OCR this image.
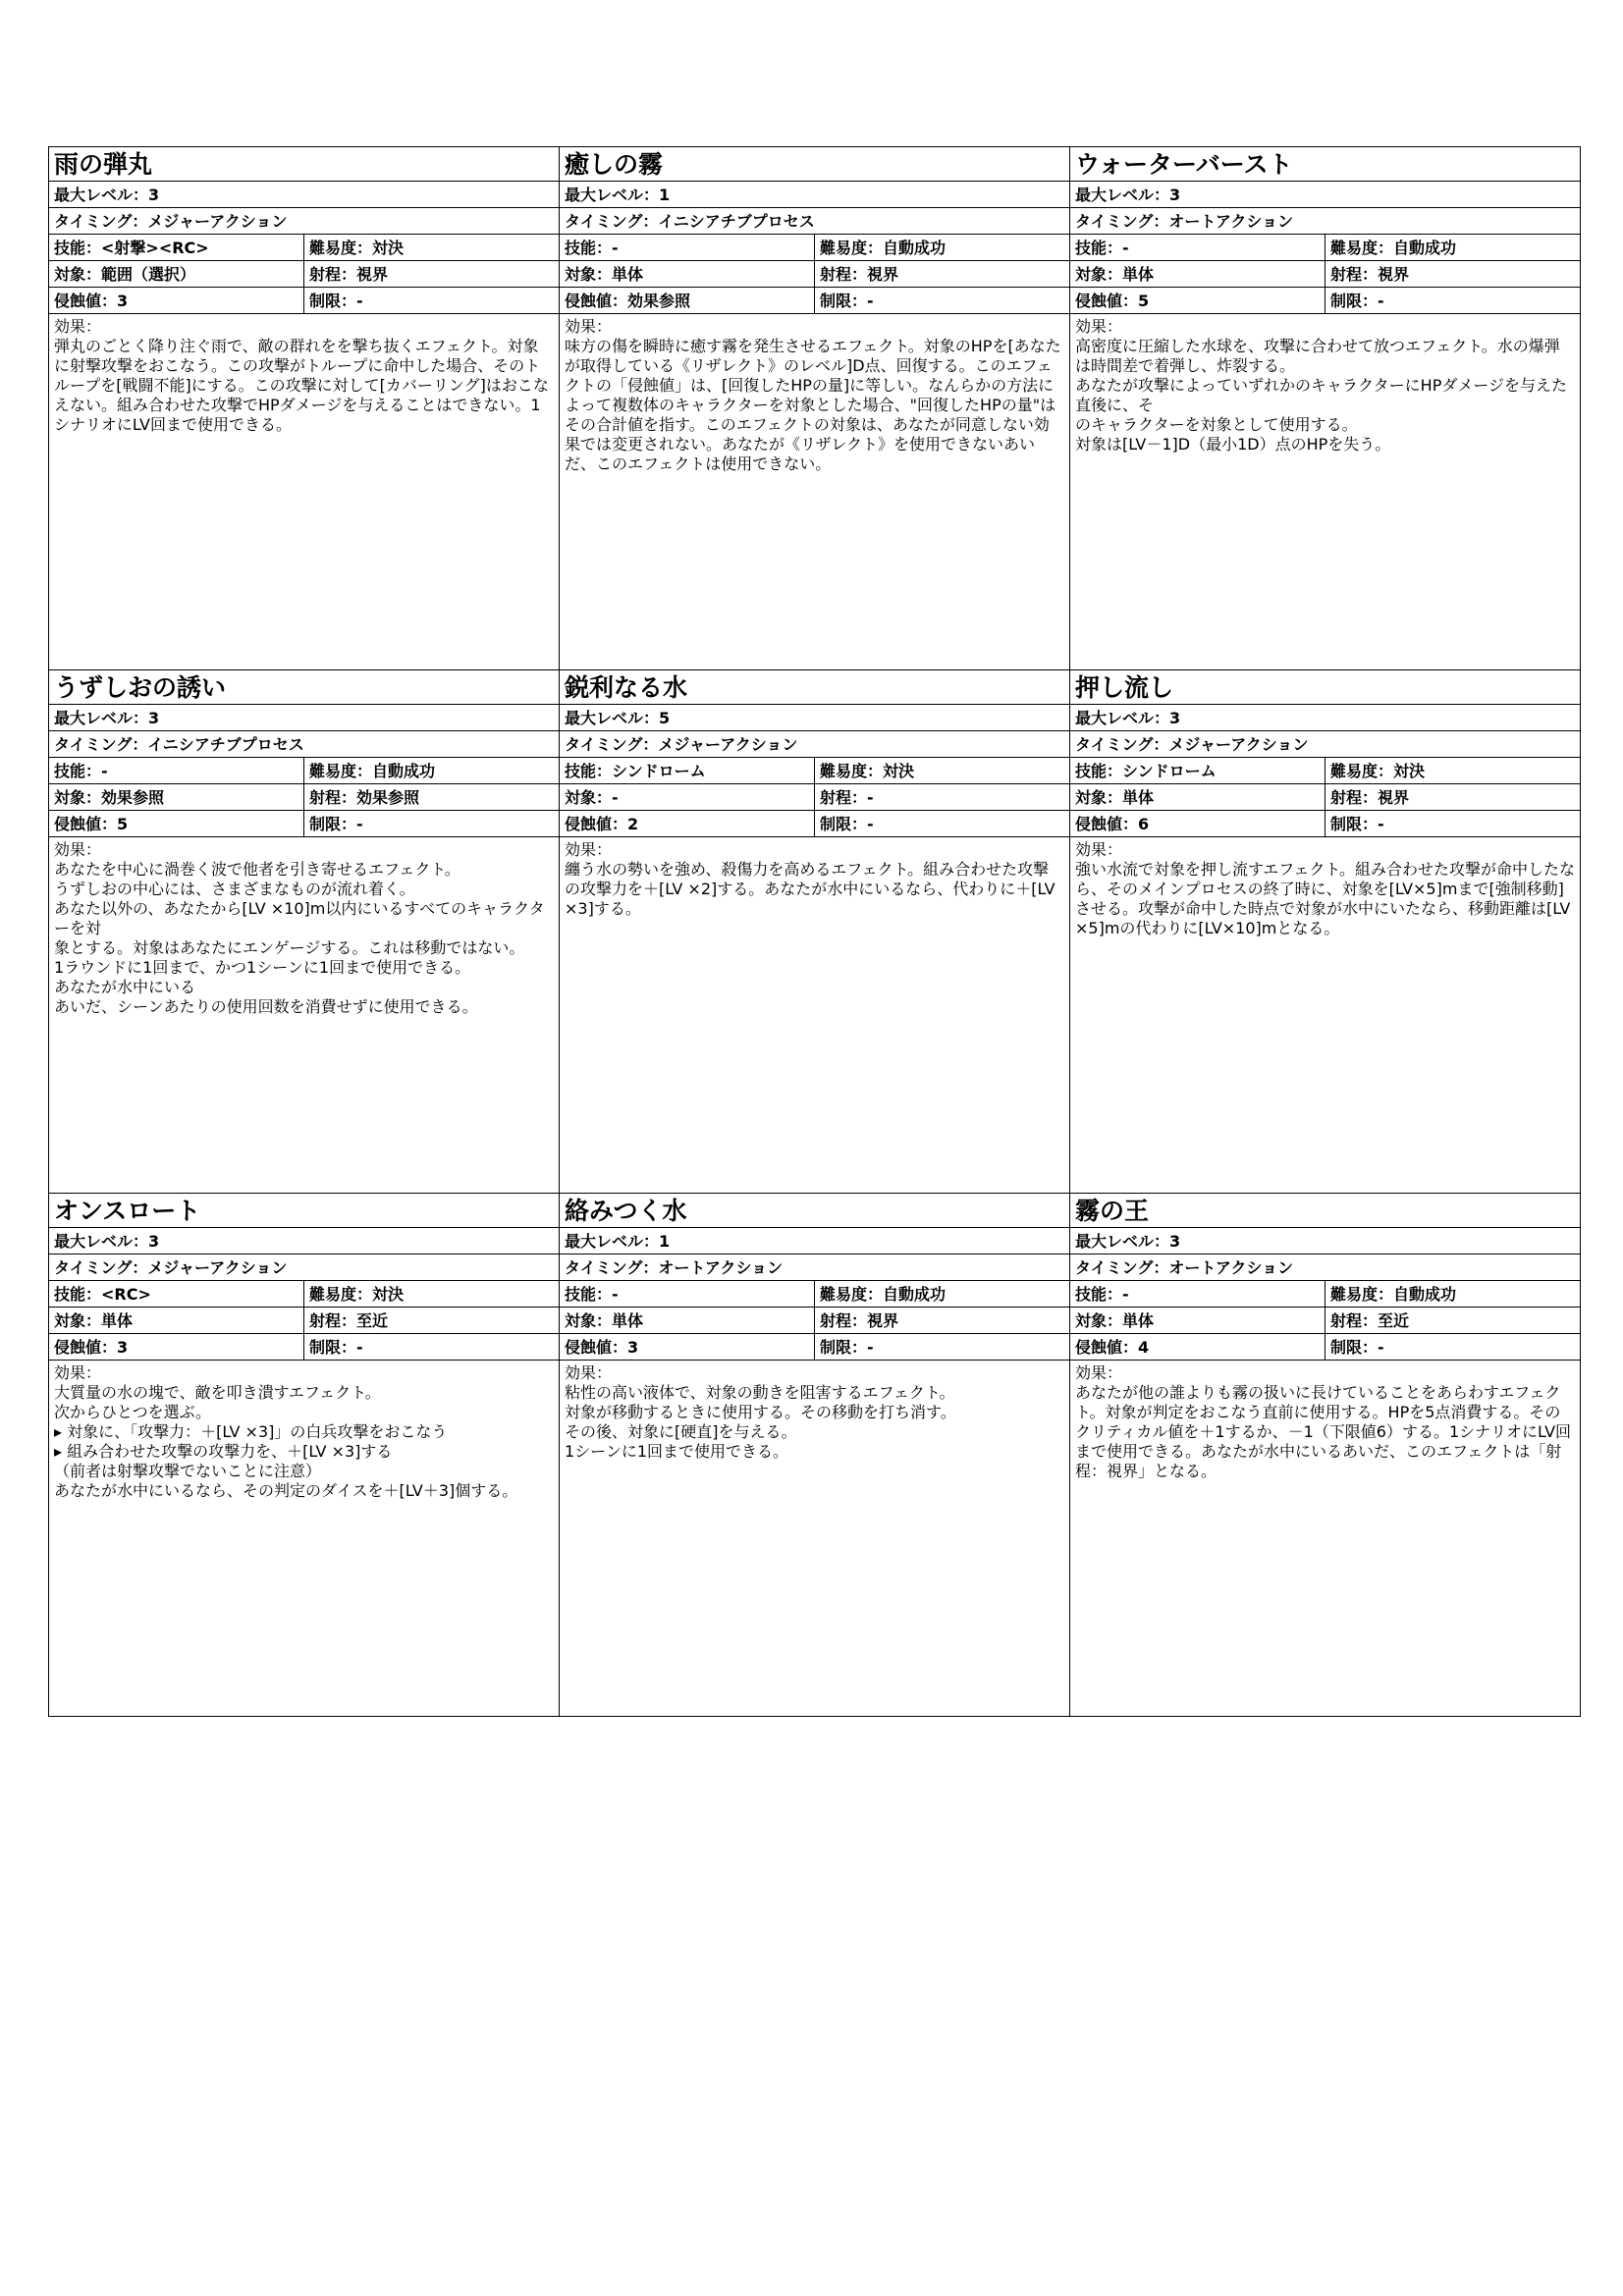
雨の弾丸
最大レベル：3
タイミング：メジャーアクション
技能：<射撃><RC>	難易度：対決
対象：範囲（選択）	射程：視界
侵蝕値：3	制限：-
効果：
弾丸のごとく降り注ぐ雨で、敵の群れをを撃ち抜くエフェクト。対象に射撃攻撃をおこなう。この攻撃がトループに命中した場合、そのトループを[戦闘不能]にする。この攻撃に対して[カバーリング]はおこなえない。組み合わせた攻撃でHPダメージを与えることはできない。1シナリオにLV回まで使用できる。
癒しの霧
最大レベル：1
タイミング：イニシアチブプロセス
技能：-	難易度：自動成功
対象：単体	射程：視界
侵蝕値：効果参照	制限：-
効果：
味方の傷を瞬時に癒す霧を発生させるエフェクト。対象のHPを[あなたが取得している《リザレクト》のレベル]D点、回復する。このエフェクトの「侵蝕値」は、[回復したHPの量]に等しい。なんらかの方法によって複数体のキャラクターを対象とした場合、"回復したHPの量"はその合計値を指す。このエフェクトの対象は、あなたが同意しない効果では変更されない。あなたが《リザレクト》を使用できないあいだ、このエフェクトは使用できない。
ウォーターバースト
最大レベル：3
タイミング：オートアクション
技能：-	難易度：自動成功
対象：単体	射程：視界
侵蝕値：5	制限：-
効果：
高密度に圧縮した水球を、攻撃に合わせて放つエフェクト。水の爆弾は時間差で着弾し、炸裂する。
あなたが攻撃によっていずれかのキャラクターにHPダメージを与えた直後に、そ
のキャラクターを対象として使用する。
対象は[LV－1]D（最小1D）点のHPを失う。
うずしおの誘い
最大レベル：3
タイミング：イニシアチブプロセス
技能：-	難易度：自動成功
対象：効果参照	射程：効果参照
侵蝕値：5	制限：-
効果：
あなたを中心に渦巻く波で他者を引き寄せるエフェクト。
うずしおの中心には、さまざまなものが流れ着く。
あなた以外の、あなたから[LV ×10]m以内にいるすべてのキャラクターを対
象とする。対象はあなたにエンゲージする。これは移動ではない。
1ラウンドに1回まで、かつ1シーンに1回まで使用できる。
あなたが水中にいる
あいだ、シーンあたりの使用回数を消費せずに使用できる。
鋭利なる水
最大レベル：5
タイミング：メジャーアクション
技能：シンドローム	難易度：対決
対象：-	射程：-
侵蝕値：2	制限：-
効果：
纏う水の勢いを強め、殺傷力を高めるエフェクト。組み合わせた攻撃の攻撃力を＋[LV ×2]する。あなたが水中にいるなら、代わりに＋[LV ×3]する。
押し流し
最大レベル：3
タイミング：メジャーアクション
技能：シンドローム	難易度：対決
対象：単体	射程：視界
侵蝕値：6	制限：-
効果：
強い水流で対象を押し流すエフェクト。組み合わせた攻撃が命中したなら、そのメインプロセスの終了時に、対象を[LV×5]mまで[強制移動]させる。攻撃が命中した時点で対象が水中にいたなら、移動距離は[LV ×5]mの代わりに[LV×10]mとなる。
オンスロート
最大レベル：3
タイミング：メジャーアクション
技能：<RC>	難易度：対決
対象：単体	射程：至近
侵蝕値：3	制限：-
効果：
大質量の水の塊で、敵を叩き潰すエフェクト。
次からひとつを選ぶ。
▸ 対象に、「攻撃力：＋[LV ×3]」の白兵攻撃をおこなう
▸ 組み合わせた攻撃の攻撃力を、＋[LV ×3]する
（前者は射撃攻撃でないことに注意）
あなたが水中にいるなら、その判定のダイスを＋[LV＋3]個する。
絡みつく水
最大レベル：1
タイミング：オートアクション
技能：-	難易度：自動成功
対象：単体	射程：視界
侵蝕値：3	制限：-
効果：
粘性の高い液体で、対象の動きを阻害するエフェクト。
対象が移動するときに使用する。その移動を打ち消す。
その後、対象に[硬直]を与える。
1シーンに1回まで使用できる。
霧の王
最大レベル：3
タイミング：オートアクション
技能：-	難易度：自動成功
対象：単体	射程：至近
侵蝕値：4	制限：-
効果：
あなたが他の誰よりも霧の扱いに長けていることをあらわすエフェクト。対象が判定をおこなう直前に使用する。HPを5点消費する。そのクリティカル値を＋1するか、－1（下限値6）する。1シナリオにLV回まで使用できる。あなたが水中にいるあいだ、このエフェクトは「射程：視界」となる。
